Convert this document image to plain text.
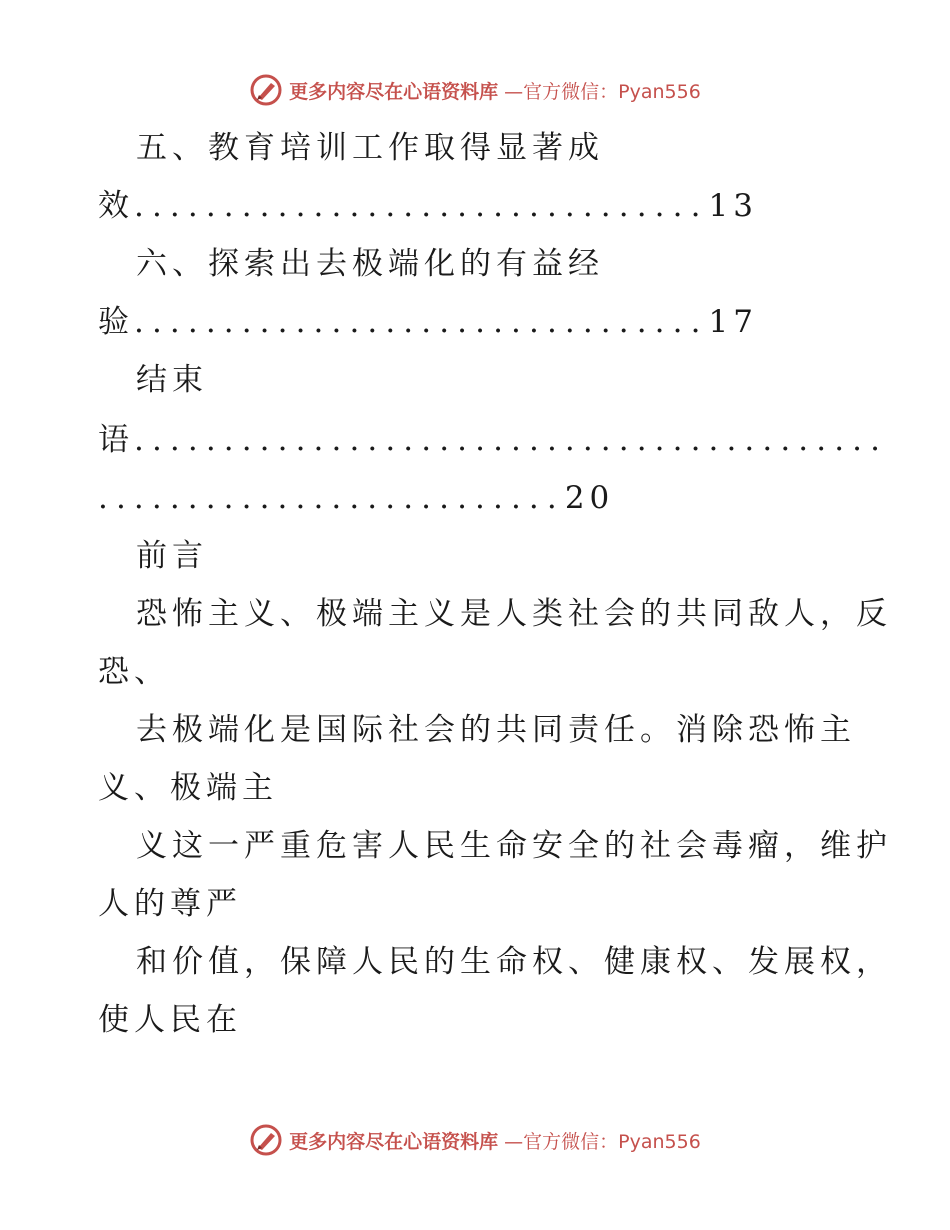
更多内容尽在心语资料库 —官方微信：Pyan556
五、教育培训工作取得显著成
效................................13
六、探索出去极端化的有益经
验................................17
结束
语..........................................
..........................20
前言
恐怖主义、极端主义是人类社会的共同敌人，反
恐、
去极端化是国际社会的共同责任。消除恐怖主
义、极端主
义这一严重危害人民生命安全的社会毒瘤，维护
人的尊严
和价值，保障人民的生命权、健康权、发展权，
使人民在
更多内容尽在心语资料库 —官方微信：Pyan556
